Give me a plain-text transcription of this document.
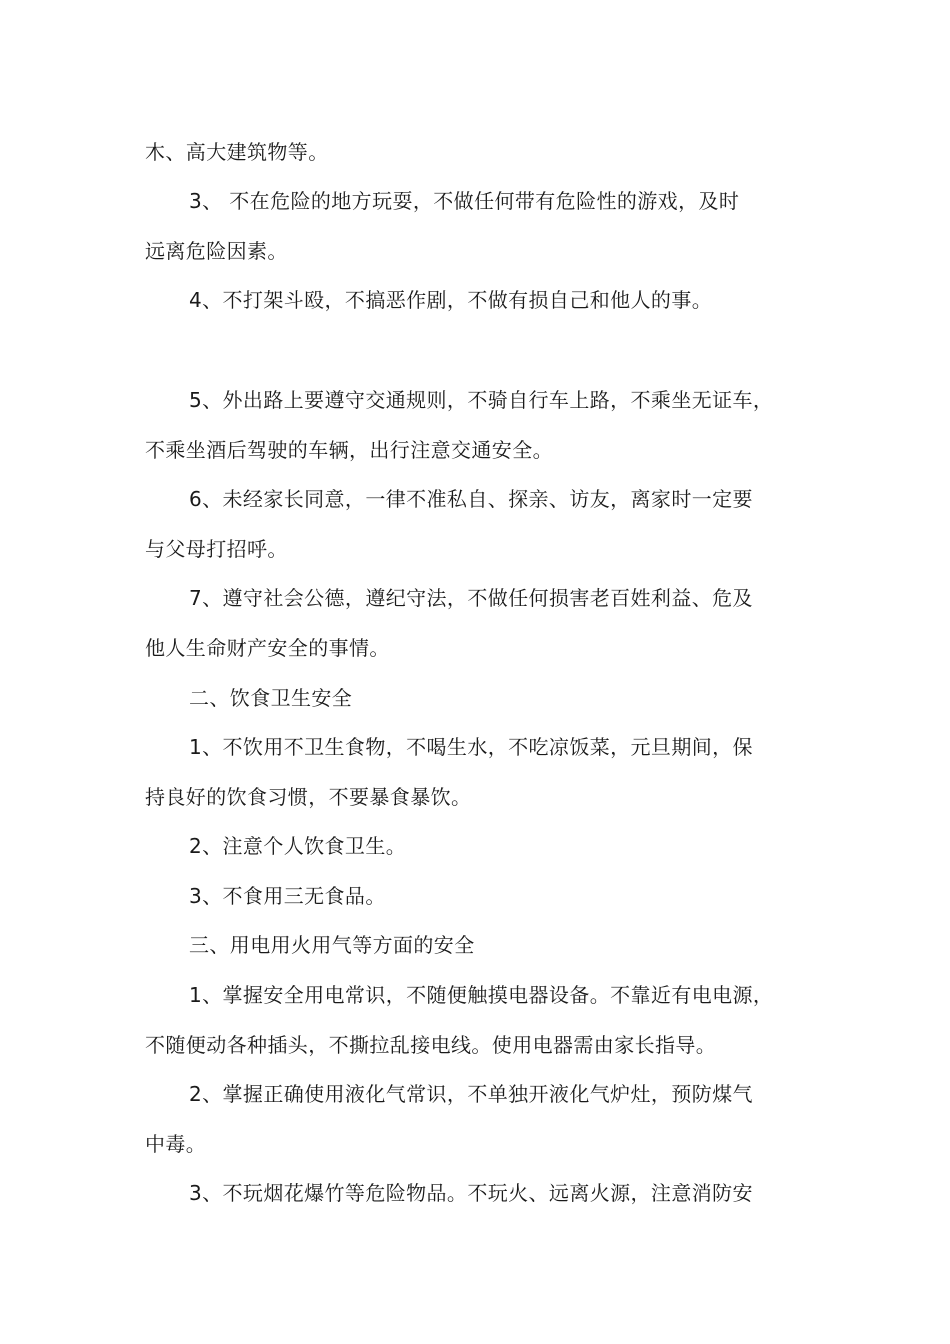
木、高大建筑物等。
3、 不在危险的地方玩耍，不做任何带有危险性的游戏，及时
远离危险因素。
4、不打架斗殴，不搞恶作剧，不做有损自己和他人的事。
5、外出路上要遵守交通规则，不骑自行车上路，不乘坐无证车，
不乘坐酒后驾驶的车辆，出行注意交通安全。
6、未经家长同意，一律不准私自、探亲、访友，离家时一定要
与父母打招呼。
7、遵守社会公德，遵纪守法，不做任何损害老百姓利益、危及
他人生命财产安全的事情。
二、饮食卫生安全
1、不饮用不卫生食物，不喝生水，不吃凉饭菜，元旦期间，保
持良好的饮食习惯，不要暴食暴饮。
2、注意个人饮食卫生。
3、不食用三无食品。
三、用电用火用气等方面的安全
1、掌握安全用电常识，不随便触摸电器设备。不靠近有电电源，
不随便动各种插头，不撕拉乱接电线。使用电器需由家长指导。
2、掌握正确使用液化气常识，不单独开液化气炉灶，预防煤气
中毒。
3、不玩烟花爆竹等危险物品。不玩火、远离火源，注意消防安
